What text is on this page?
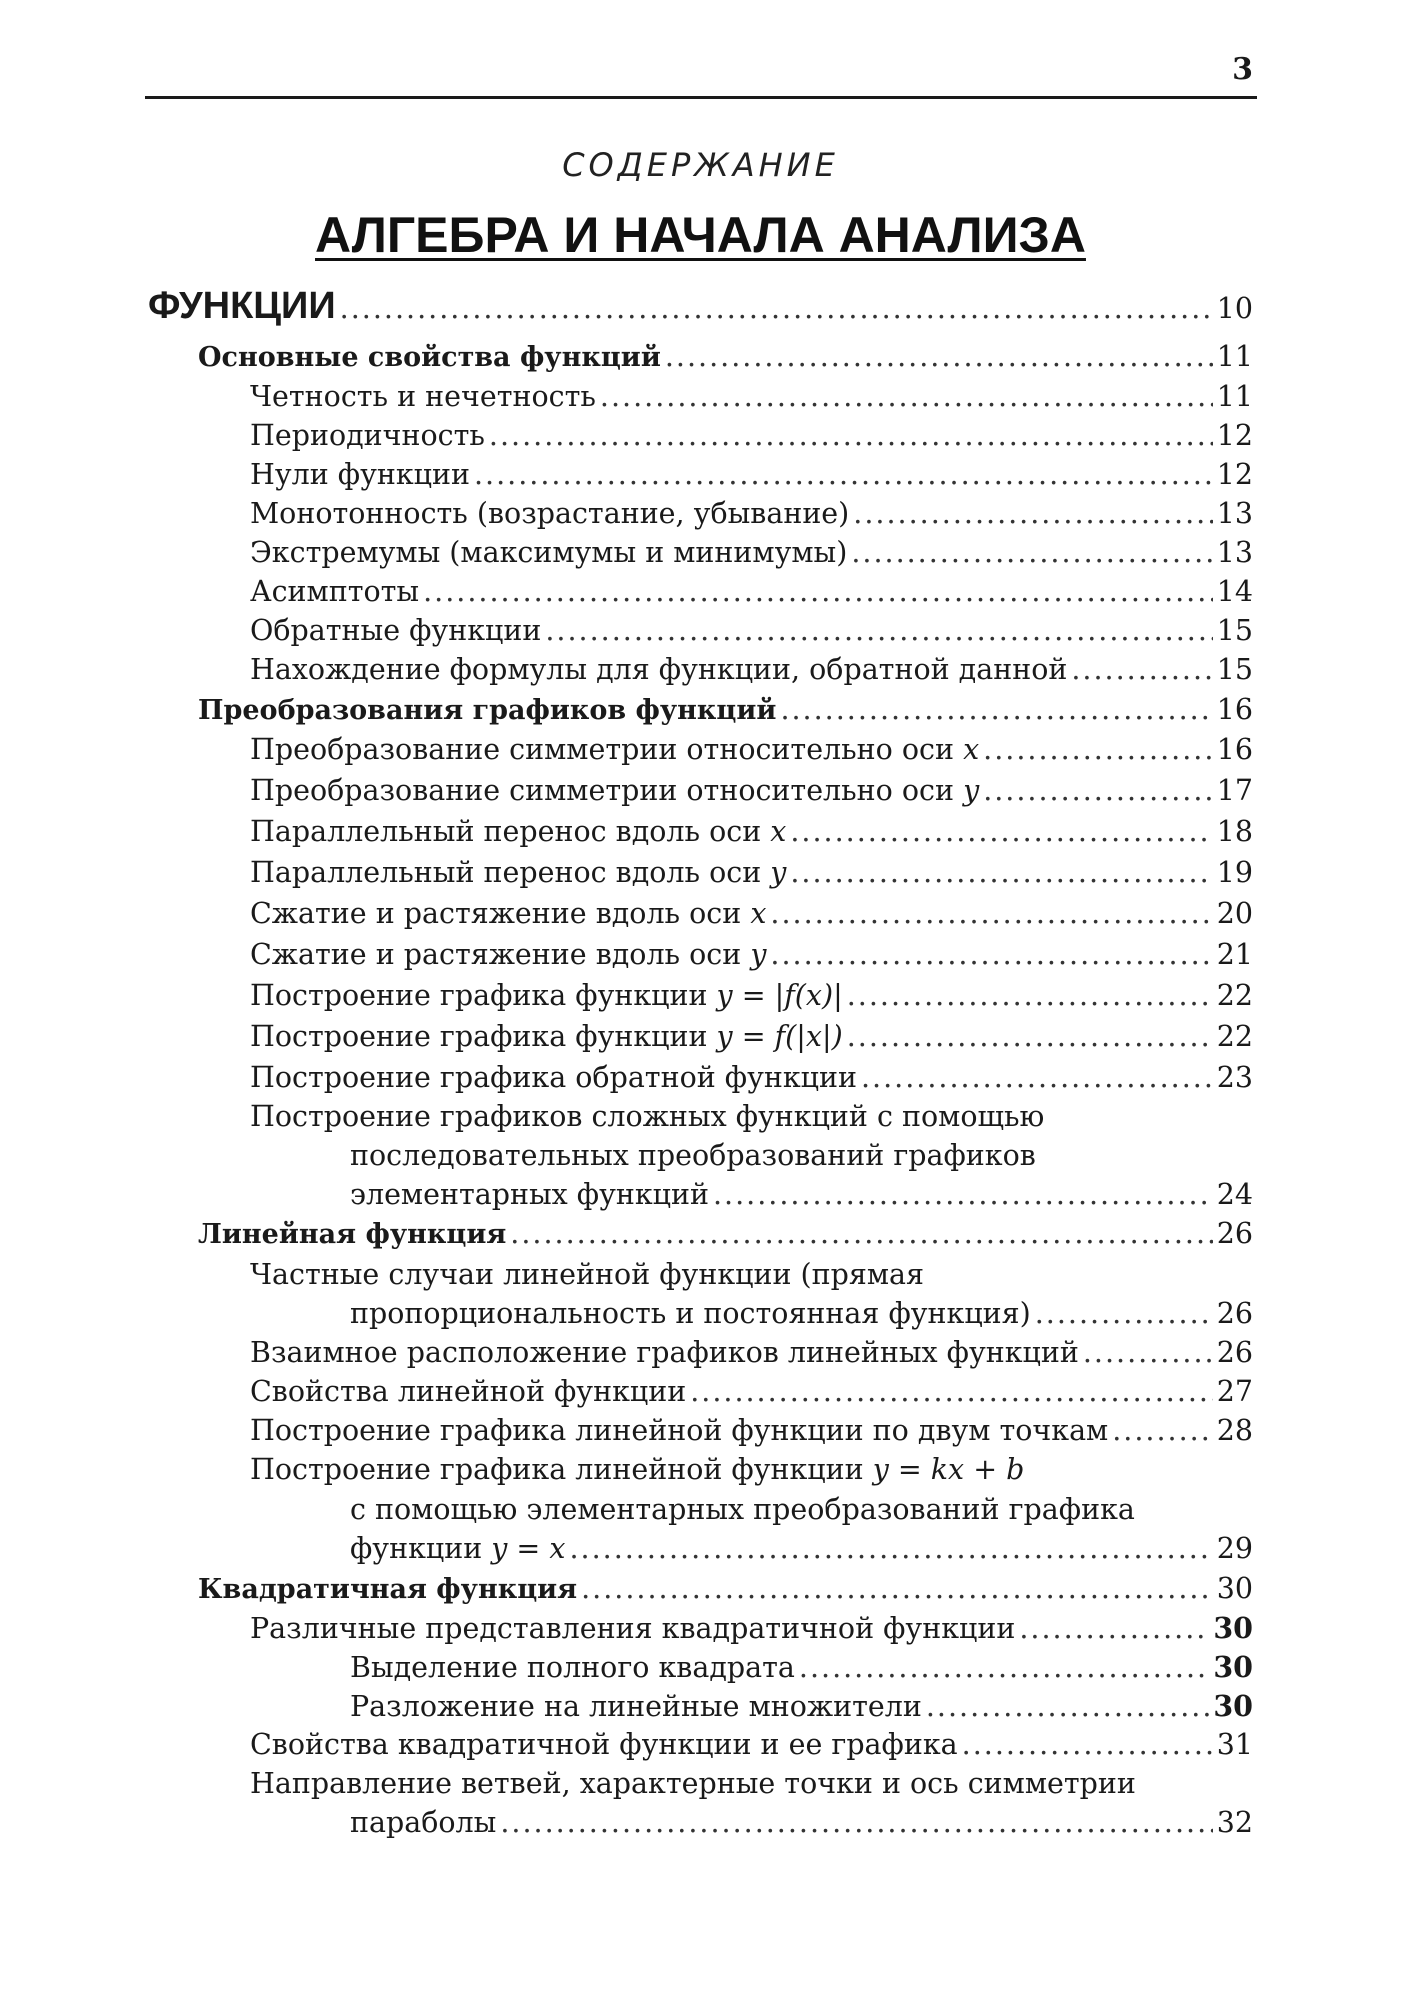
3
СОДЕРЖАНИЕ
АЛГЕБРА И НАЧАЛА АНАЛИЗА
ФУНКЦИИ .....	10
Основные свойства функций .....	11
Четность и нечетность .....	11
Периодичность .....	12
Нули функции .....	12
Монотонность (возрастание, убывание) .....	13
Экстремумы (максимумы и минимумы) .....	13
Асимптоты .....	14
Обратные функции .....	15
Нахождение формулы для функции, обратной данной .....	15
Преобразования графиков функций .....	16
Преобразование симметрии относительно оси x .....	16
Преобразование симметрии относительно оси y .....	17
Параллельный перенос вдоль оси x .....	18
Параллельный перенос вдоль оси y .....	19
Сжатие и растяжение вдоль оси x .....	20
Сжатие и растяжение вдоль оси y .....	21
Построение графика функции y = |f(x)| .....	22
Построение графика функции y = f(|x|) .....	22
Построение графика обратной функции .....	23
Построение графиков сложных функций с помощью
последовательных преобразований графиков
элементарных функций .....	24
Линейная функция .....	26
Частные случаи линейной функции (прямая
пропорциональность и постоянная функция) .....	26
Взаимное расположение графиков линейных функций .....	26
Свойства линейной функции .....	27
Построение графика линейной функции по двум точкам .....	28
Построение графика линейной функции y = kx + b
с помощью элементарных преобразований графика
функции y = x .....	29
Квадратичная функция .....	30
Различные представления квадратичной функции .....	30
Выделение полного квадрата .....	30
Разложение на линейные множители .....	30
Свойства квадратичной функции и ее графика .....	31
Направление ветвей, характерные точки и ось симметрии
параболы .....	32
